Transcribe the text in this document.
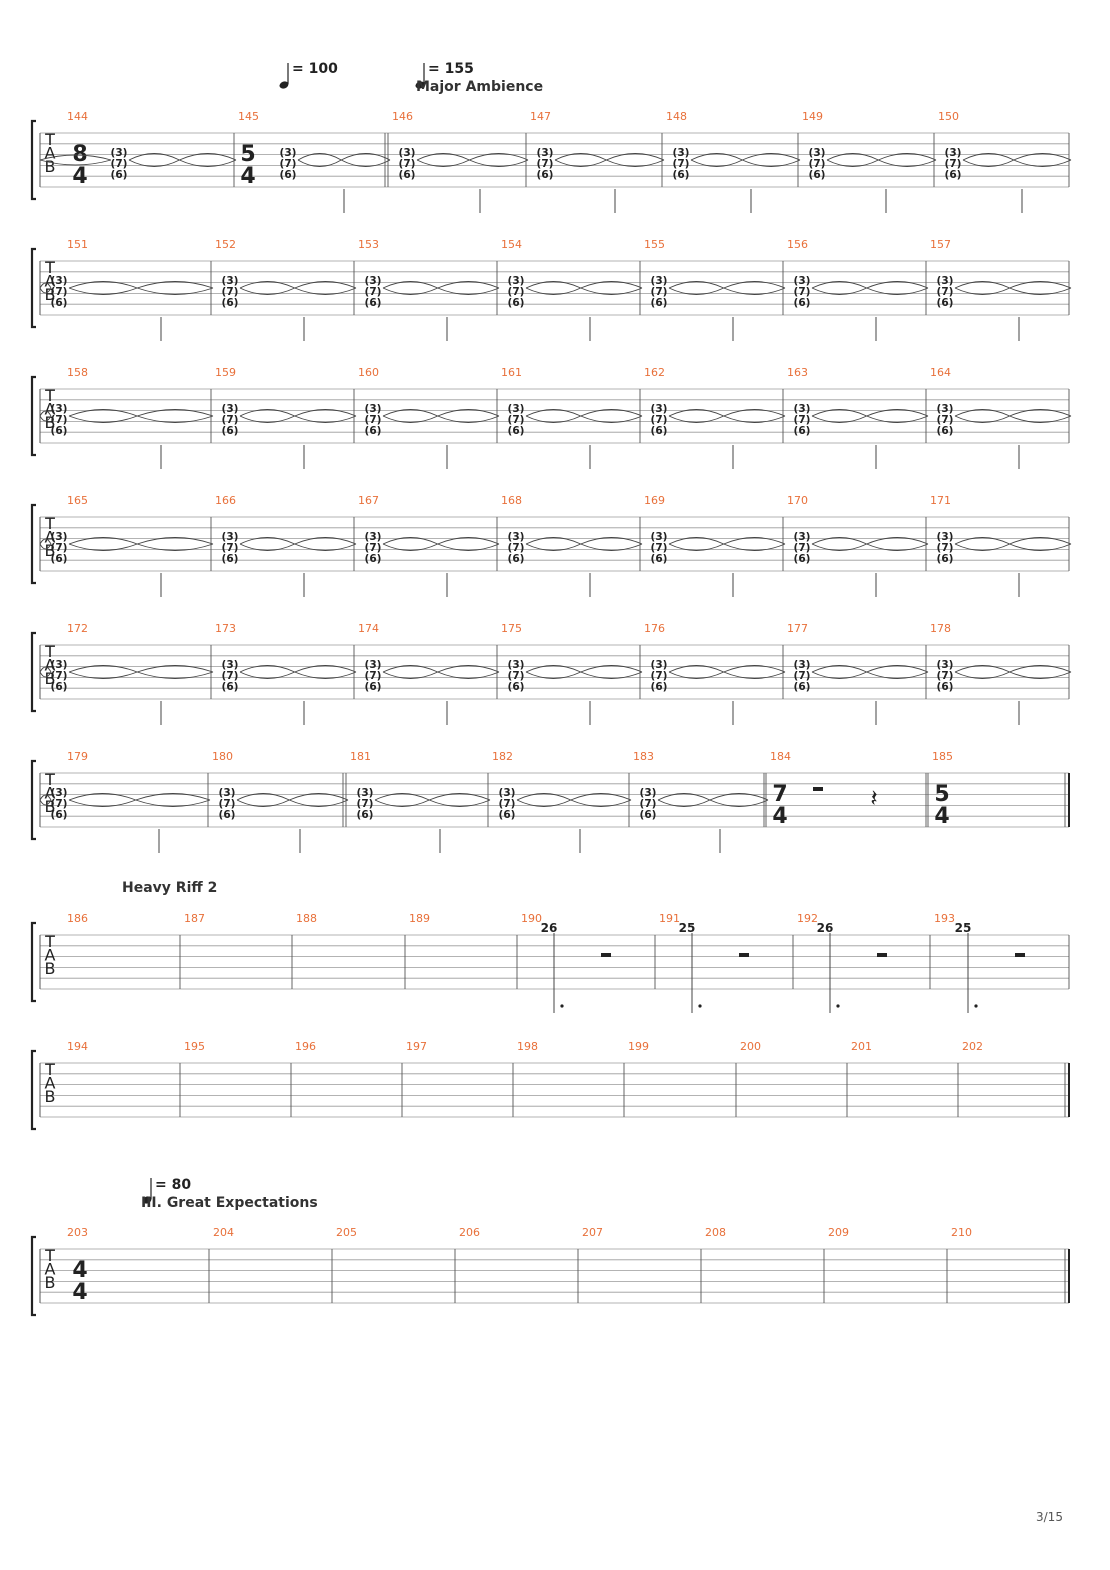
T
A
B
144	145	146	147	148	149	150
8
4
5
4
(3)
(7)
(6)
(3)
(7)
(6)
(3)
(7)
(6)
(3)
(7)
(6)
(3)
(7)
(6)
(3)
(7)
(6)
(3)
(7)
(6)
T
A
B
151	152	153	154	155	156	157
(3)
(7)
(6)
(3)
(7)
(6)
(3)
(7)
(6)
(3)
(7)
(6)
(3)
(7)
(6)
(3)
(7)
(6)
(3)
(7)
(6)
T
A
B
158	159	160	161	162	163	164
(3)
(7)
(6)
(3)
(7)
(6)
(3)
(7)
(6)
(3)
(7)
(6)
(3)
(7)
(6)
(3)
(7)
(6)
(3)
(7)
(6)
T
A
B
165	166	167	168	169	170	171
(3)
(7)
(6)
(3)
(7)
(6)
(3)
(7)
(6)
(3)
(7)
(6)
(3)
(7)
(6)
(3)
(7)
(6)
(3)
(7)
(6)
T
A
B
172	173	174	175	176	177	178
(3)
(7)
(6)
(3)
(7)
(6)
(3)
(7)
(6)
(3)
(7)
(6)
(3)
(7)
(6)
(3)
(7)
(6)
(3)
(7)
(6)
T
A
B
179	180	181	182	183	184	185
7
4
5
4
(3)
(7)
(6)
(3)
(7)
(6)
(3)
(7)
(6)
(3)
(7)
(6)
(3)
(7)
(6)
𝄽
T
A
B
186	187	188	189	190	191	192	193
26	25	26	25
T
A
B
194	195	196	197	198	199	200	201	202
T
A
B
203	204	205	206	207	208	209	210
4
4
= 100	= 155
Major Ambience
Heavy Riff 2
= 80
III. Great Expectations
3/15
